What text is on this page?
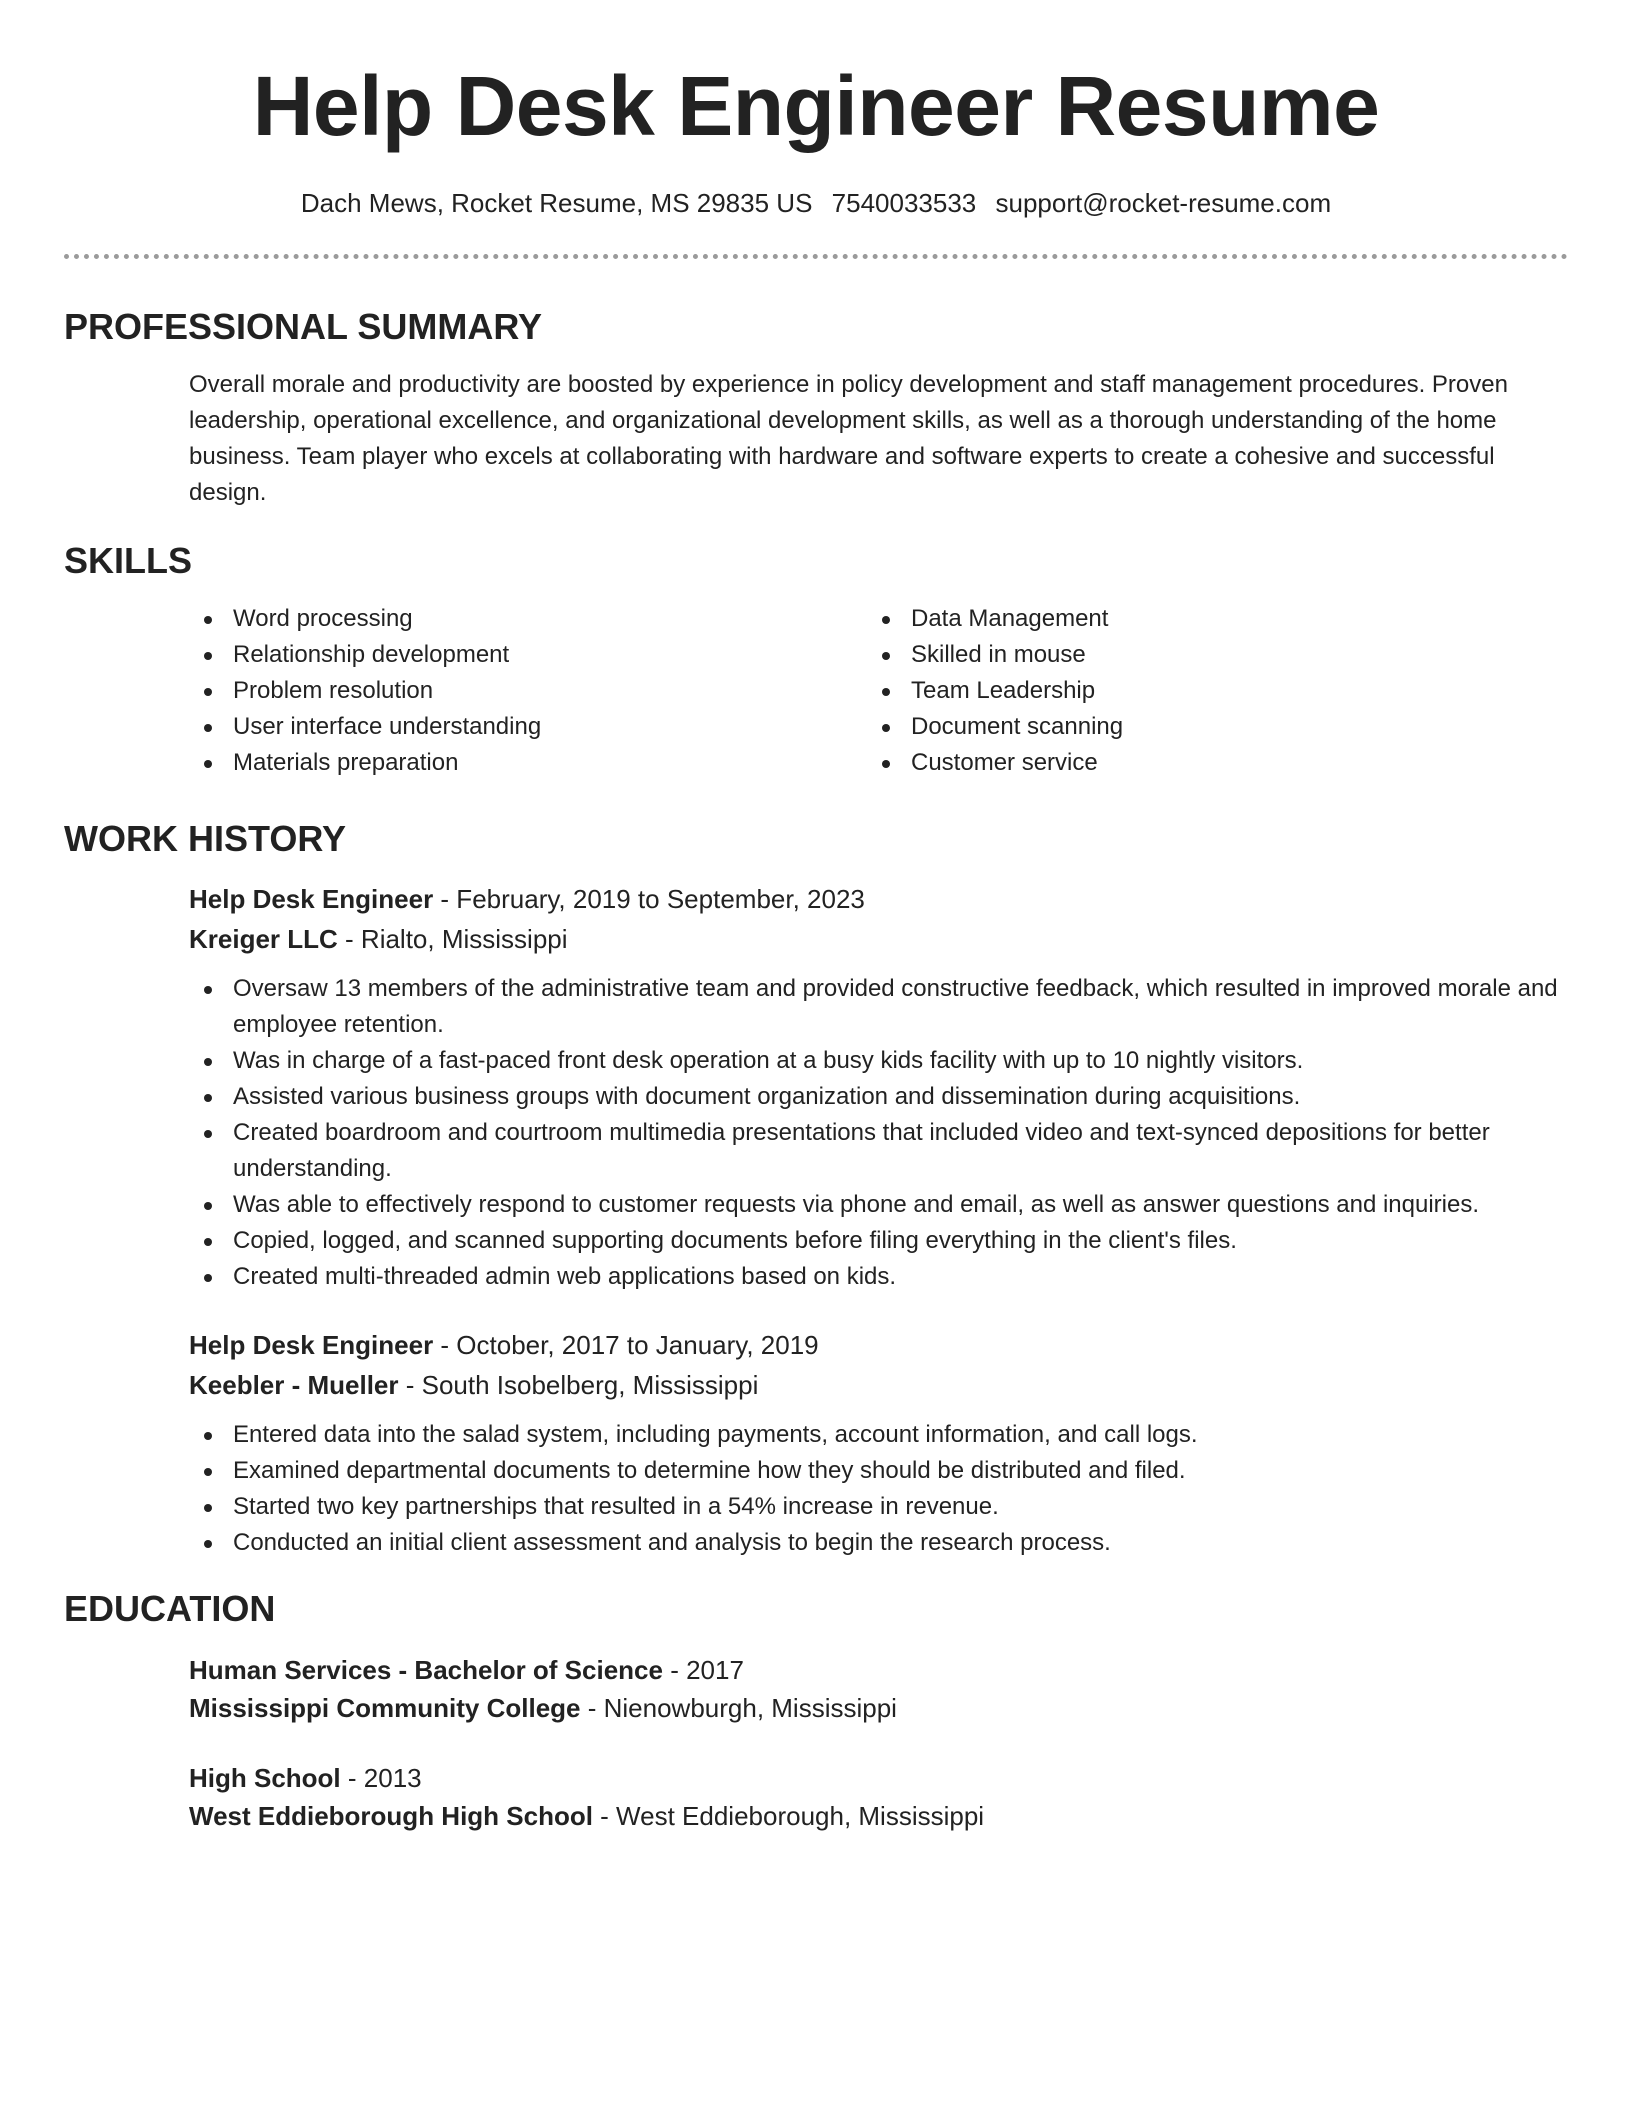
Help Desk Engineer Resume
Dach Mews, Rocket Resume, MS 29835 US 7540033533 support@rocket-resume.com
PROFESSIONAL SUMMARY

Overall morale and productivity are boosted by experience in policy development and staff management procedures. Proven leadership, operational excellence, and organizational development skills, as well as a thorough understanding of the home business. Team player who excels at collaborating with hardware and software experts to create a cohesive and successful design.

SKILLS
Word processing
Relationship development
Problem resolution
User interface understanding
Materials preparation
Data Management
Skilled in mouse
Team Leadership
Document scanning
Customer service
WORK HISTORY
Help Desk Engineer - February, 2019 to September, 2023
Kreiger LLC - Rialto, Mississippi
Oversaw 13 members of the administrative team and provided constructive feedback, which resulted in improved morale and employee retention.
Was in charge of a fast-paced front desk operation at a busy kids facility with up to 10 nightly visitors.
Assisted various business groups with document organization and dissemination during acquisitions.
Created boardroom and courtroom multimedia presentations that included video and text-synced depositions for better understanding.
Was able to effectively respond to customer requests via phone and email, as well as answer questions and inquiries.
Copied, logged, and scanned supporting documents before filing everything in the client's files.
Created multi-threaded admin web applications based on kids.
Help Desk Engineer - October, 2017 to January, 2019
Keebler - Mueller - South Isobelberg, Mississippi
Entered data into the salad system, including payments, account information, and call logs.
Examined departmental documents to determine how they should be distributed and filed.
Started two key partnerships that resulted in a 54% increase in revenue.
Conducted an initial client assessment and analysis to begin the research process.
EDUCATION
Human Services - Bachelor of Science - 2017
Mississippi Community College - Nienowburgh, Mississippi
High School - 2013
West Eddieborough High School - West Eddieborough, Mississippi
